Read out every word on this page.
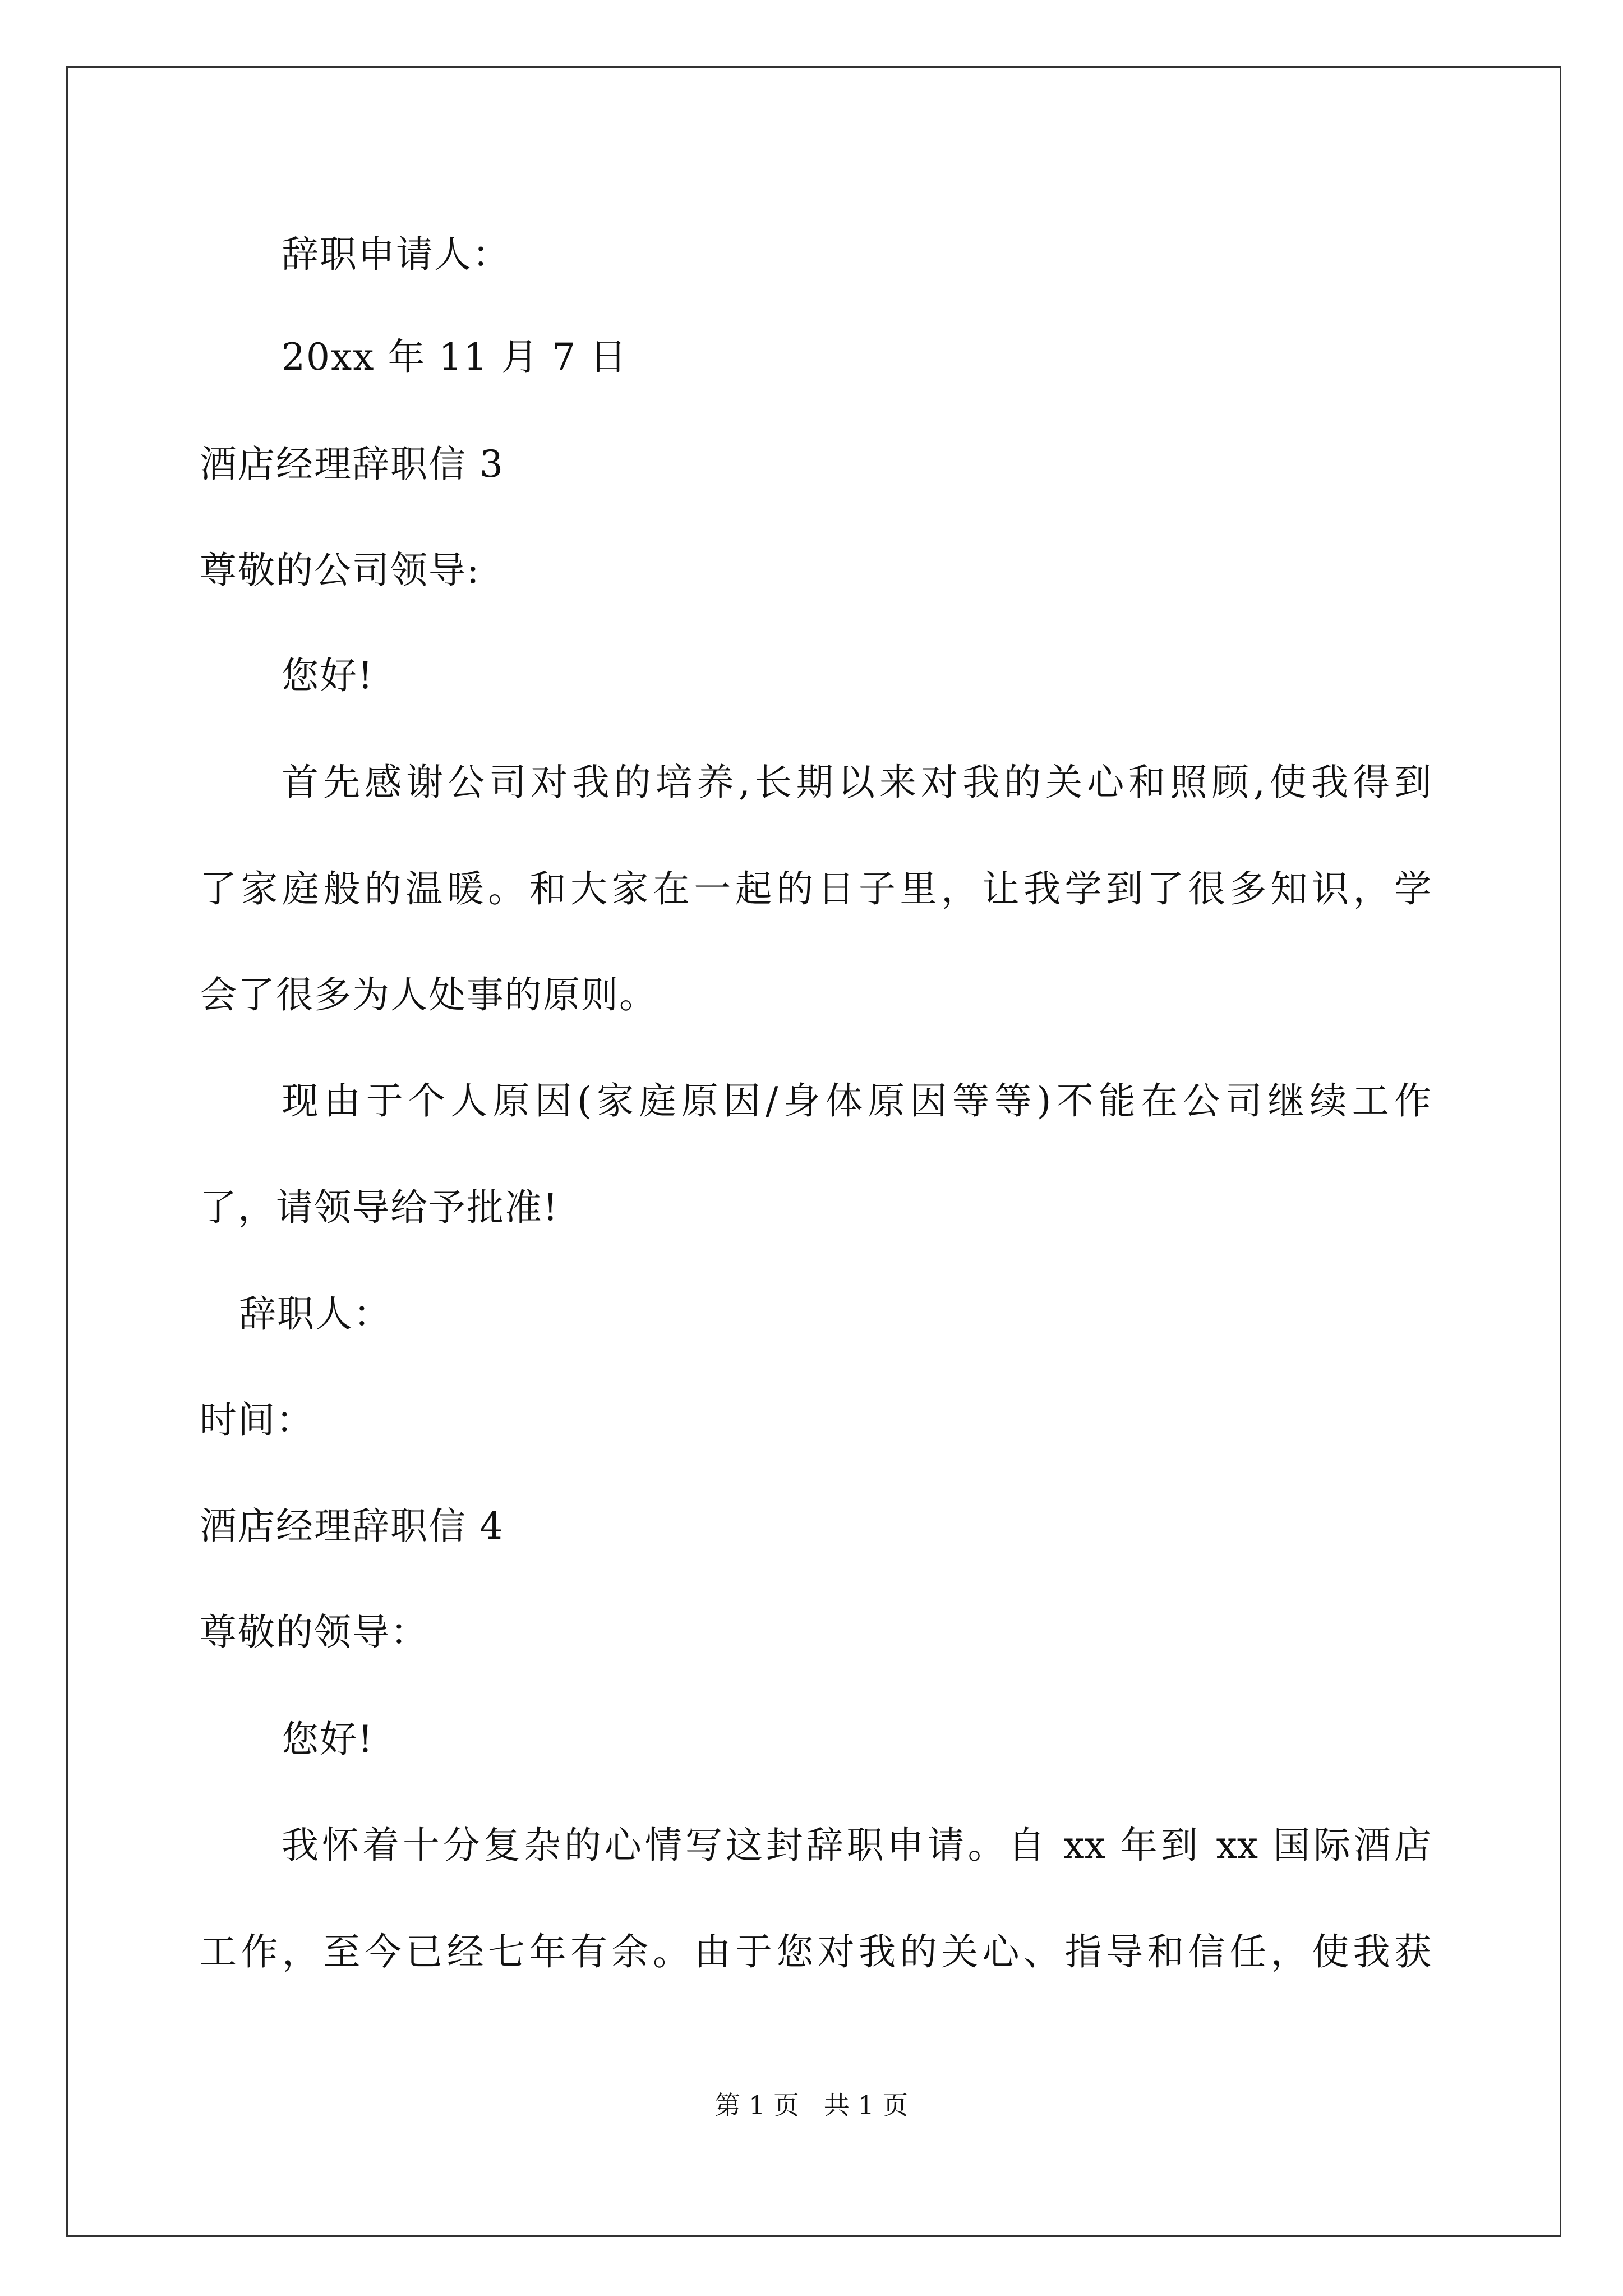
辞职申请人：

20xx 年 11 月 7 日

酒店经理辞职信 3

尊敬的公司领导:

您好!

首先感谢公司对我的培养,长期以来对我的关心和照顾,使我得到

了家庭般的温暖。和大家在一起的日子里，让我学到了很多知识，学

会了很多为人处事的原则。

现由于个人原因(家庭原因/身体原因等等)不能在公司继续工作

了，请领导给予批准!

辞职人：

时间：

酒店经理辞职信 4

尊敬的领导：

您好!

我怀着十分复杂的心情写这封辞职申请。自 xx 年到 xx 国际酒店

工作，至今已经七年有余。由于您对我的关心、指导和信任，使我获

第 1 页   共 1 页
